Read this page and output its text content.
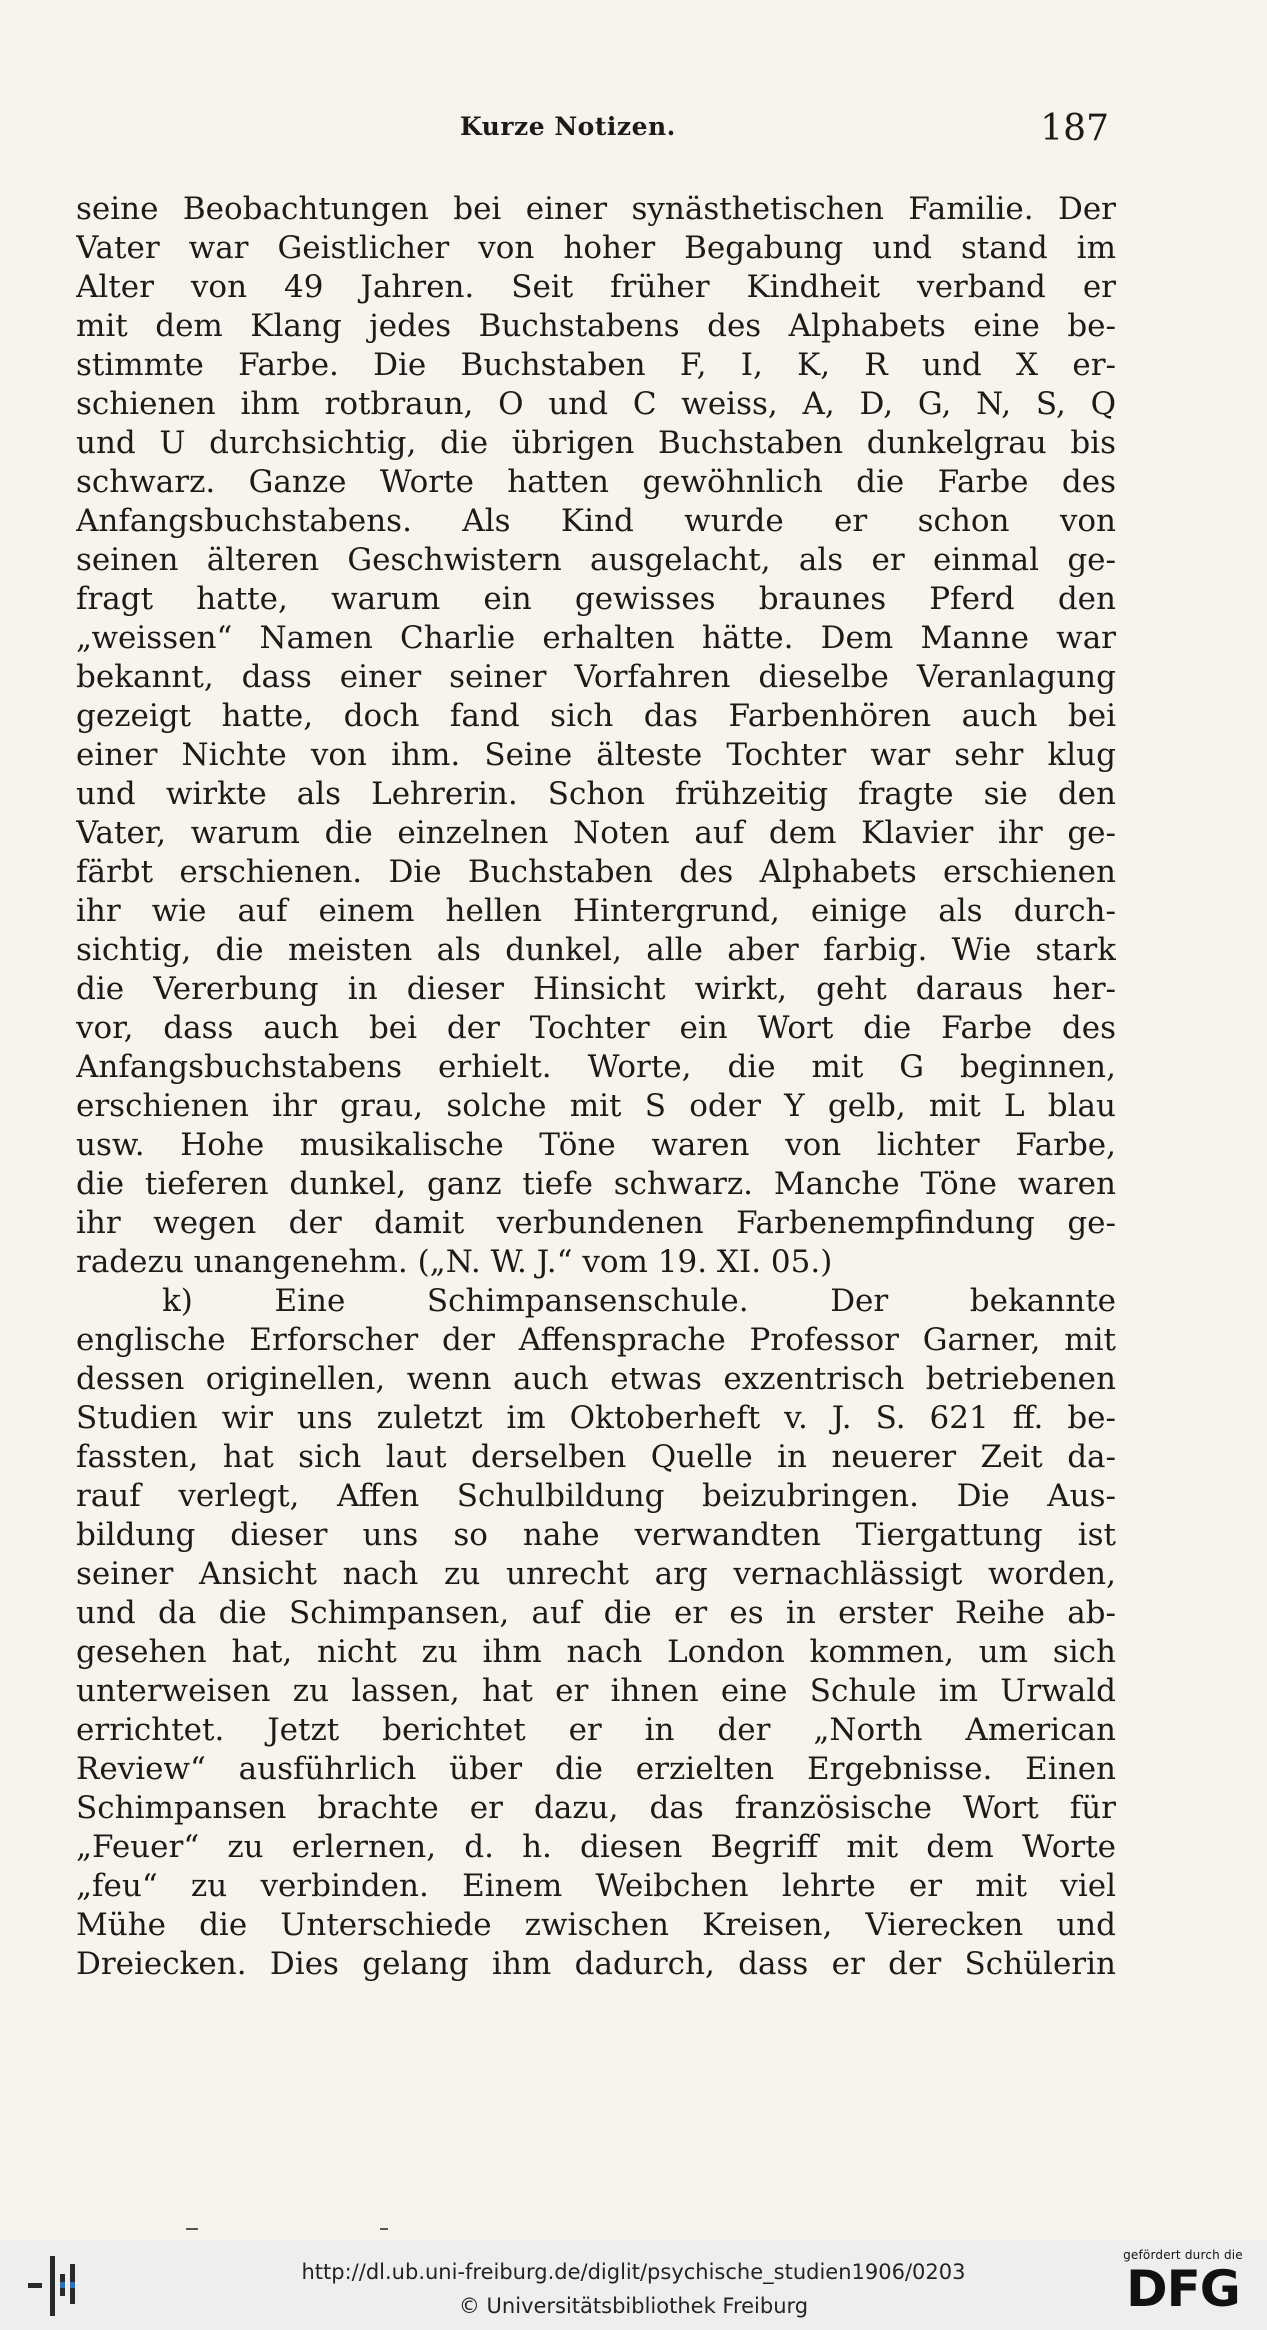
Kurze Notizen.	187
seine Beobachtungen bei einer synästhetischen Familie. Der
Vater war Geistlicher von hoher Begabung und stand im
Alter von 49 Jahren. Seit früher Kindheit verband er
mit dem Klang jedes Buchstabens des Alphabets eine be-
stimmte Farbe. Die Buchstaben F, I, K, R und X er-
schienen ihm rotbraun, O und C weiss, A, D, G, N, S, Q
und U durchsichtig, die übrigen Buchstaben dunkelgrau bis
schwarz. Ganze Worte hatten gewöhnlich die Farbe des
Anfangsbuchstabens. Als Kind wurde er schon von
seinen älteren Geschwistern ausgelacht, als er einmal ge-
fragt hatte, warum ein gewisses braunes Pferd den
„weissen“ Namen Charlie erhalten hätte. Dem Manne war
bekannt, dass einer seiner Vorfahren dieselbe Veranlagung
gezeigt hatte, doch fand sich das Farbenhören auch bei
einer Nichte von ihm. Seine älteste Tochter war sehr klug
und wirkte als Lehrerin. Schon frühzeitig fragte sie den
Vater, warum die einzelnen Noten auf dem Klavier ihr ge-
färbt erschienen. Die Buchstaben des Alphabets erschienen
ihr wie auf einem hellen Hintergrund, einige als durch-
sichtig, die meisten als dunkel, alle aber farbig. Wie stark
die Vererbung in dieser Hinsicht wirkt, geht daraus her-
vor, dass auch bei der Tochter ein Wort die Farbe des
Anfangsbuchstabens erhielt. Worte, die mit G beginnen,
erschienen ihr grau, solche mit S oder Y gelb, mit L blau
usw. Hohe musikalische Töne waren von lichter Farbe,
die tieferen dunkel, ganz tiefe schwarz. Manche Töne waren
ihr wegen der damit verbundenen Farbenempfindung ge-
radezu unangenehm. („N. W. J.“ vom 19. XI. 05.)
k) Eine Schimpansenschule. Der bekannte
englische Erforscher der Affensprache Professor Garner, mit
dessen originellen, wenn auch etwas exzentrisch betriebenen
Studien wir uns zuletzt im Oktoberheft v. J. S. 621 ff. be-
fassten, hat sich laut derselben Quelle in neuerer Zeit da-
rauf verlegt, Affen Schulbildung beizubringen. Die Aus-
bildung dieser uns so nahe verwandten Tiergattung ist
seiner Ansicht nach zu unrecht arg vernachlässigt worden,
und da die Schimpansen, auf die er es in erster Reihe ab-
gesehen hat, nicht zu ihm nach London kommen, um sich
unterweisen zu lassen, hat er ihnen eine Schule im Urwald
errichtet. Jetzt berichtet er in der „North American
Review“ ausführlich über die erzielten Ergebnisse. Einen
Schimpansen brachte er dazu, das französische Wort für
„Feuer“ zu erlernen, d. h. diesen Begriff mit dem Worte
„feu“ zu verbinden. Einem Weibchen lehrte er mit viel
Mühe die Unterschiede zwischen Kreisen, Vierecken und
Dreiecken. Dies gelang ihm dadurch, dass er der Schülerin
http://dl.ub.uni-freiburg.de/diglit/psychische_studien1906/0203
© Universitätsbibliothek Freiburg
gefördert durch die
DFG
